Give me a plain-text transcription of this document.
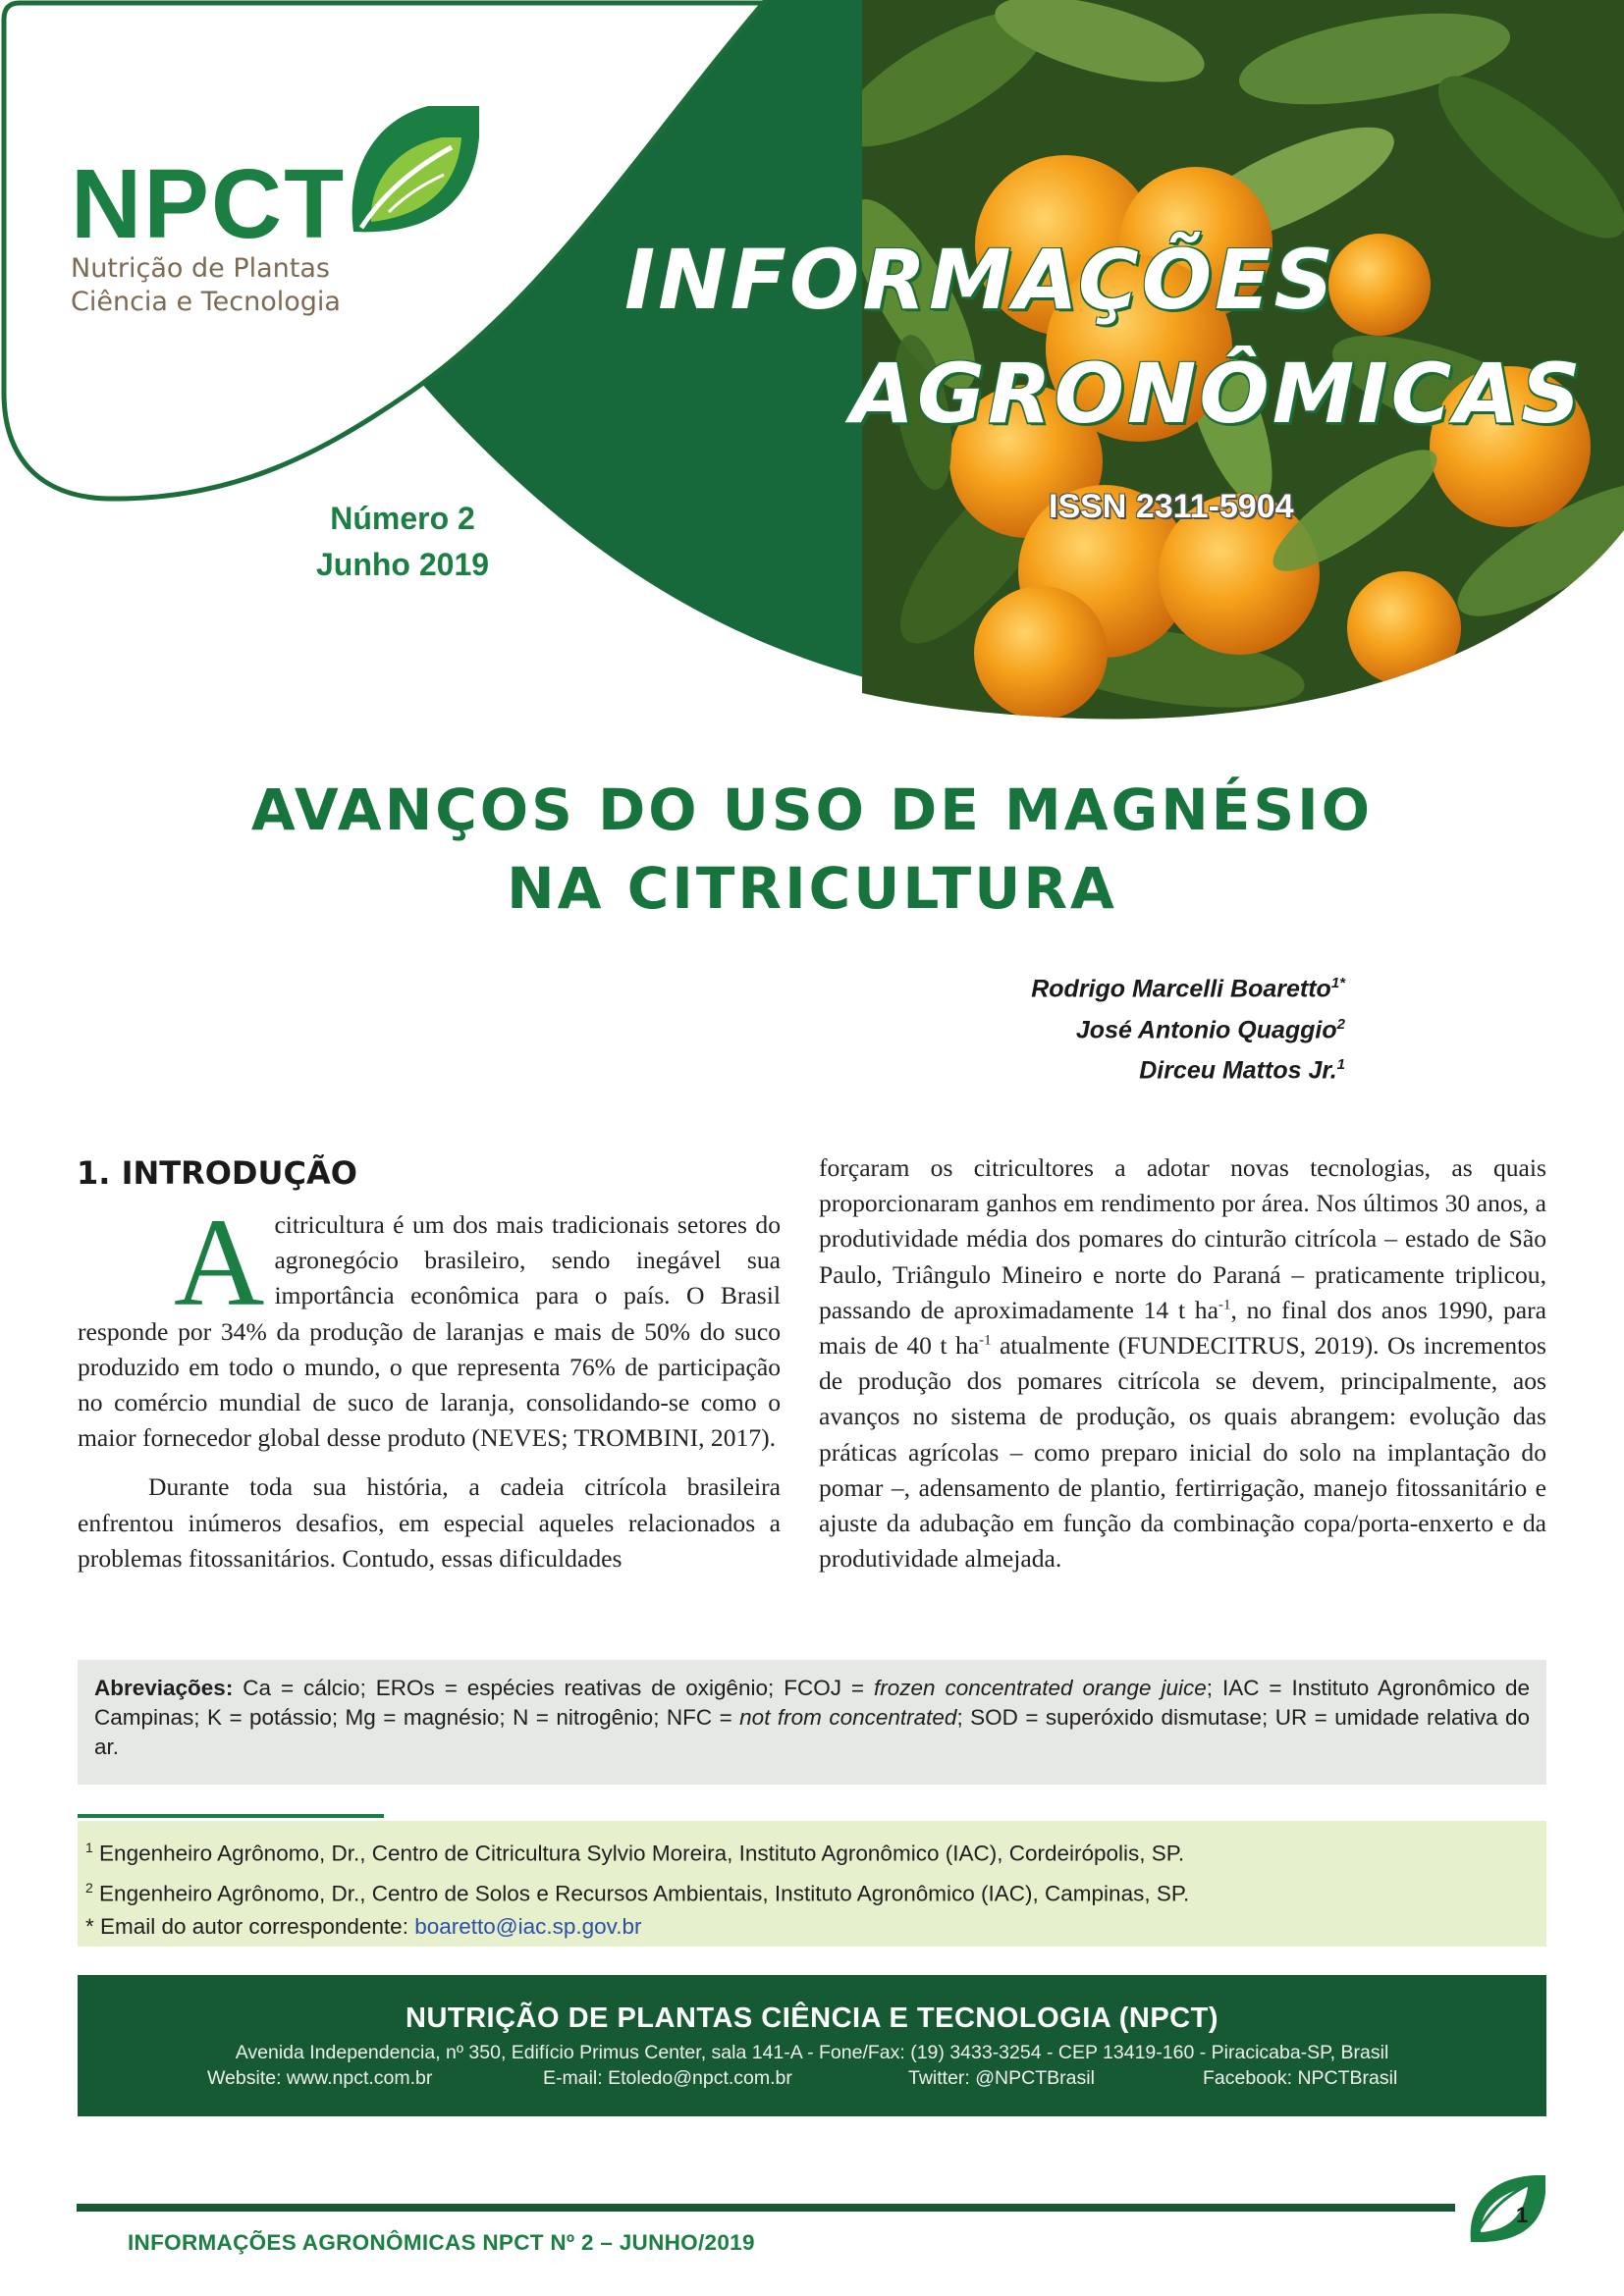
NPCT
Nutrição de Plantas
Ciência e Tecnologia	INFORMAÇÕES
AGRONÔMICAS
ISSN 2311-5904
Número 2
Junho 2019
AVANÇOS DO USO DE MAGNÉSIO
NA CITRICULTURA
Rodrigo Marcelli Boaretto$^{1*}$
José Antonio Quaggio$^2$
Dirceu Mattos Jr.$^1$
1. INTRODUÇÃO

Acitricultura é um dos mais tradicionais setores do agronegócio brasileiro, sendo inegável sua importância econômica para o país. O Brasil responde por 34% da produção de laranjas e mais de 50% do suco produzido em todo o mundo, o que representa 76% de participação no comércio mundial de suco de laranja, consolidando-se como o maior fornecedor global desse produto (NEVES; TROMBINI, 2017).

Durante toda sua história, a cadeia citrícola brasileira enfrentou inúmeros desafios, em especial aqueles relacionados a problemas fitossanitários. Contudo, essas dificuldades

forçaram os citricultores a adotar novas tecnologias, as quais proporcionaram ganhos em rendimento por área. Nos últimos 30 anos, a produtividade média dos pomares do cinturão citrícola – estado de São Paulo, Triângulo Mineiro e norte do Paraná – praticamente triplicou, passando de aproximadamente 14 t $ha^{-1}$, no final dos anos 1990, para mais de 40 t $ha^{-1}$ atualmente (FUNDECITRUS, 2019). Os incrementos de produção dos pomares citrícola se devem, principalmente, aos avanços no sistema de produção, os quais abrangem: evolução das práticas agrícolas – como preparo inicial do solo na implantação do pomar –, adensamento de plantio, fertirrigação, manejo fitossanitário e ajuste da adubação em função da combinação copa/porta-enxerto e da produtividade almejada.

Abreviações: Ca = cálcio; EROs = espécies reativas de oxigênio; FCOJ = frozen concentrated orange juice; IAC = Instituto Agronômico de Campinas; K = potássio; Mg = magnésio; N = nitrogênio; NFC = not from concentrated; SOD = superóxido dismutase; UR = umidade relativa do ar.
$^1$ Engenheiro Agrônomo, Dr., Centro de Citricultura Sylvio Moreira, Instituto Agronômico (IAC), Cordeirópolis, SP.
$^2$ Engenheiro Agrônomo, Dr., Centro de Solos e Recursos Ambientais, Instituto Agronômico (IAC), Campinas, SP.
* Email do autor correspondente: boaretto@iac.sp.gov.br
NUTRIÇÃO DE PLANTAS CIÊNCIA E TECNOLOGIA (NPCT)
Avenida Independencia, nº 350, Edifício Primus Center, sala 141-A - Fone/Fax: (19) 3433-3254 - CEP 13419-160 - Piracicaba-SP, Brasil
Website: www.npct.com.br	E-mail: Etoledo@npct.com.br	Twitter: @NPCTBrasil	Facebook: NPCTBrasil
1
INFORMAÇÕES AGRONÔMICAS NPCT Nº 2 – JUNHO/2019
